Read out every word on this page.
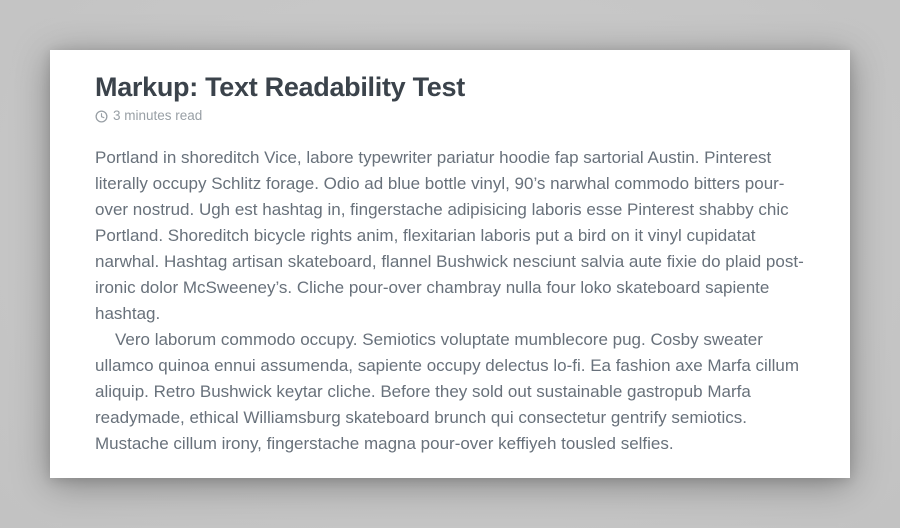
Markup: Text Readability Test
3 minutes read

Portland in shoreditch Vice, labore typewriter pariatur hoodie fap sartorial Austin. Pinterest literally occupy Schlitz forage. Odio ad blue bottle vinyl, 90’s narwhal commodo bitters pour-over nostrud. Ugh est hashtag in, fingerstache adipisicing laboris esse Pinterest shabby chic Portland. Shoreditch bicycle rights anim, flexitarian laboris put a bird on it vinyl cupidatat narwhal. Hashtag artisan skateboard, flannel Bushwick nesciunt salvia aute fixie do plaid post-ironic dolor McSweeney’s. Cliche pour-over chambray nulla four loko skateboard sapiente hashtag.

Vero laborum commodo occupy. Semiotics voluptate mumblecore pug. Cosby sweater ullamco quinoa ennui assumenda, sapiente occupy delectus lo-fi. Ea fashion axe Marfa cillum aliquip. Retro Bushwick keytar cliche. Before they sold out sustainable gastropub Marfa readymade, ethical Williamsburg skateboard brunch qui consectetur gentrify semiotics. Mustache cillum irony, fingerstache magna pour-over keffiyeh tousled selfies.
